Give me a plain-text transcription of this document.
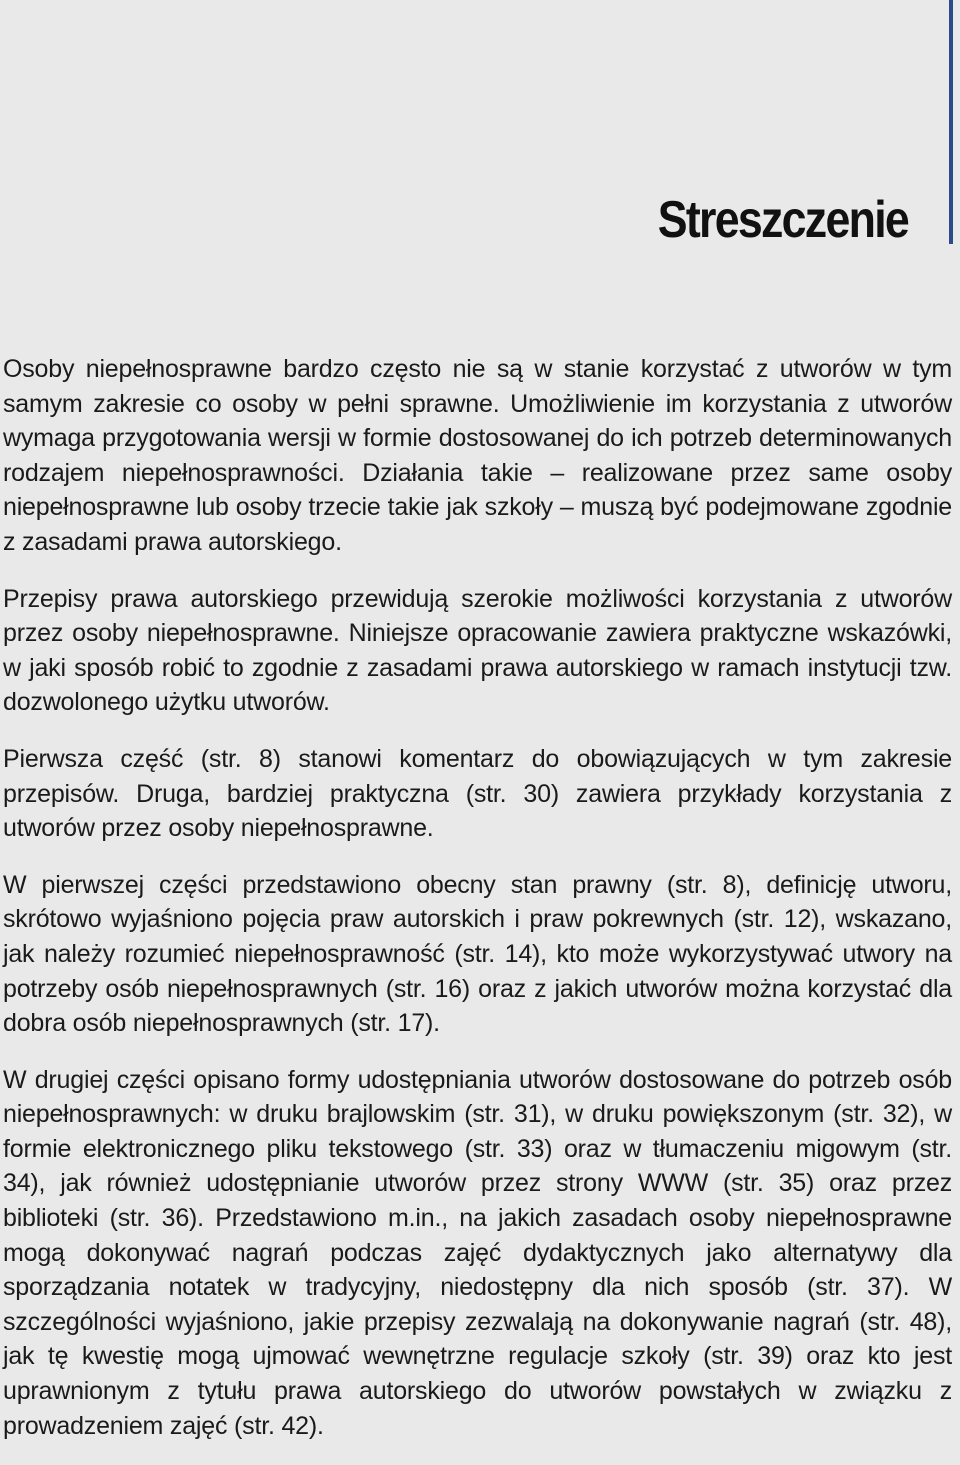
Streszczenie

Osoby niepełnosprawne bardzo często nie są w stanie korzystać z utworów w tym samym zakresie co osoby w pełni sprawne. Umożliwienie im korzystania z utworów wymaga przygotowania wersji w formie dostosowanej do ich potrzeb determinowanych rodzajem niepełnosprawności. Działania takie – realizowane przez same osoby niepełnosprawne lub osoby trzecie takie jak szkoły – muszą być podejmowane zgodnie z zasadami prawa autorskiego.

Przepisy prawa autorskiego przewidują szerokie możliwości korzystania z utworów przez osoby niepełnosprawne. Niniejsze opracowanie zawiera praktyczne wskazówki, w jaki sposób robić to zgodnie z zasadami prawa autorskiego w ramach instytucji tzw. dozwolonego użytku utworów.

Pierwsza część (str. 8) stanowi komentarz do obowiązujących w tym zakresie przepisów. Druga, bardziej praktyczna (str. 30) zawiera przykłady korzystania z utworów przez osoby niepełnosprawne.

W pierwszej części przedstawiono obecny stan prawny (str. 8), definicję utworu, skrótowo wyjaśniono pojęcia praw autorskich i praw pokrewnych (str. 12), wskazano, jak należy rozumieć niepełnosprawność (str. 14), kto może wykorzystywać utwory na potrzeby osób niepełnosprawnych (str. 16) oraz z jakich utworów można korzystać dla dobra osób niepełnosprawnych (str. 17).

W drugiej części opisano formy udostępniania utworów dostosowane do potrzeb osób niepełnosprawnych: w druku brajlowskim (str. 31), w druku powiększonym (str. 32), w formie elektronicznego pliku tekstowego (str. 33) oraz w tłumaczeniu migowym (str. 34), jak również udostępnianie utworów przez strony WWW (str. 35) oraz przez biblioteki (str. 36). Przedstawiono m.in., na jakich zasadach osoby niepełnosprawne mogą dokonywać nagrań podczas zajęć dydaktycznych jako alternatywy dla sporządzania notatek w tradycyjny, niedostępny dla nich sposób (str. 37). W szczególności wyjaśniono, jakie przepisy zezwalają na dokonywanie nagrań (str. 48), jak tę kwestię mogą ujmować wewnętrzne regulacje szkoły (str. 39) oraz kto jest uprawnionym z tytułu prawa autorskiego do utworów powstałych w związku z prowadzeniem zajęć (str. 42).
